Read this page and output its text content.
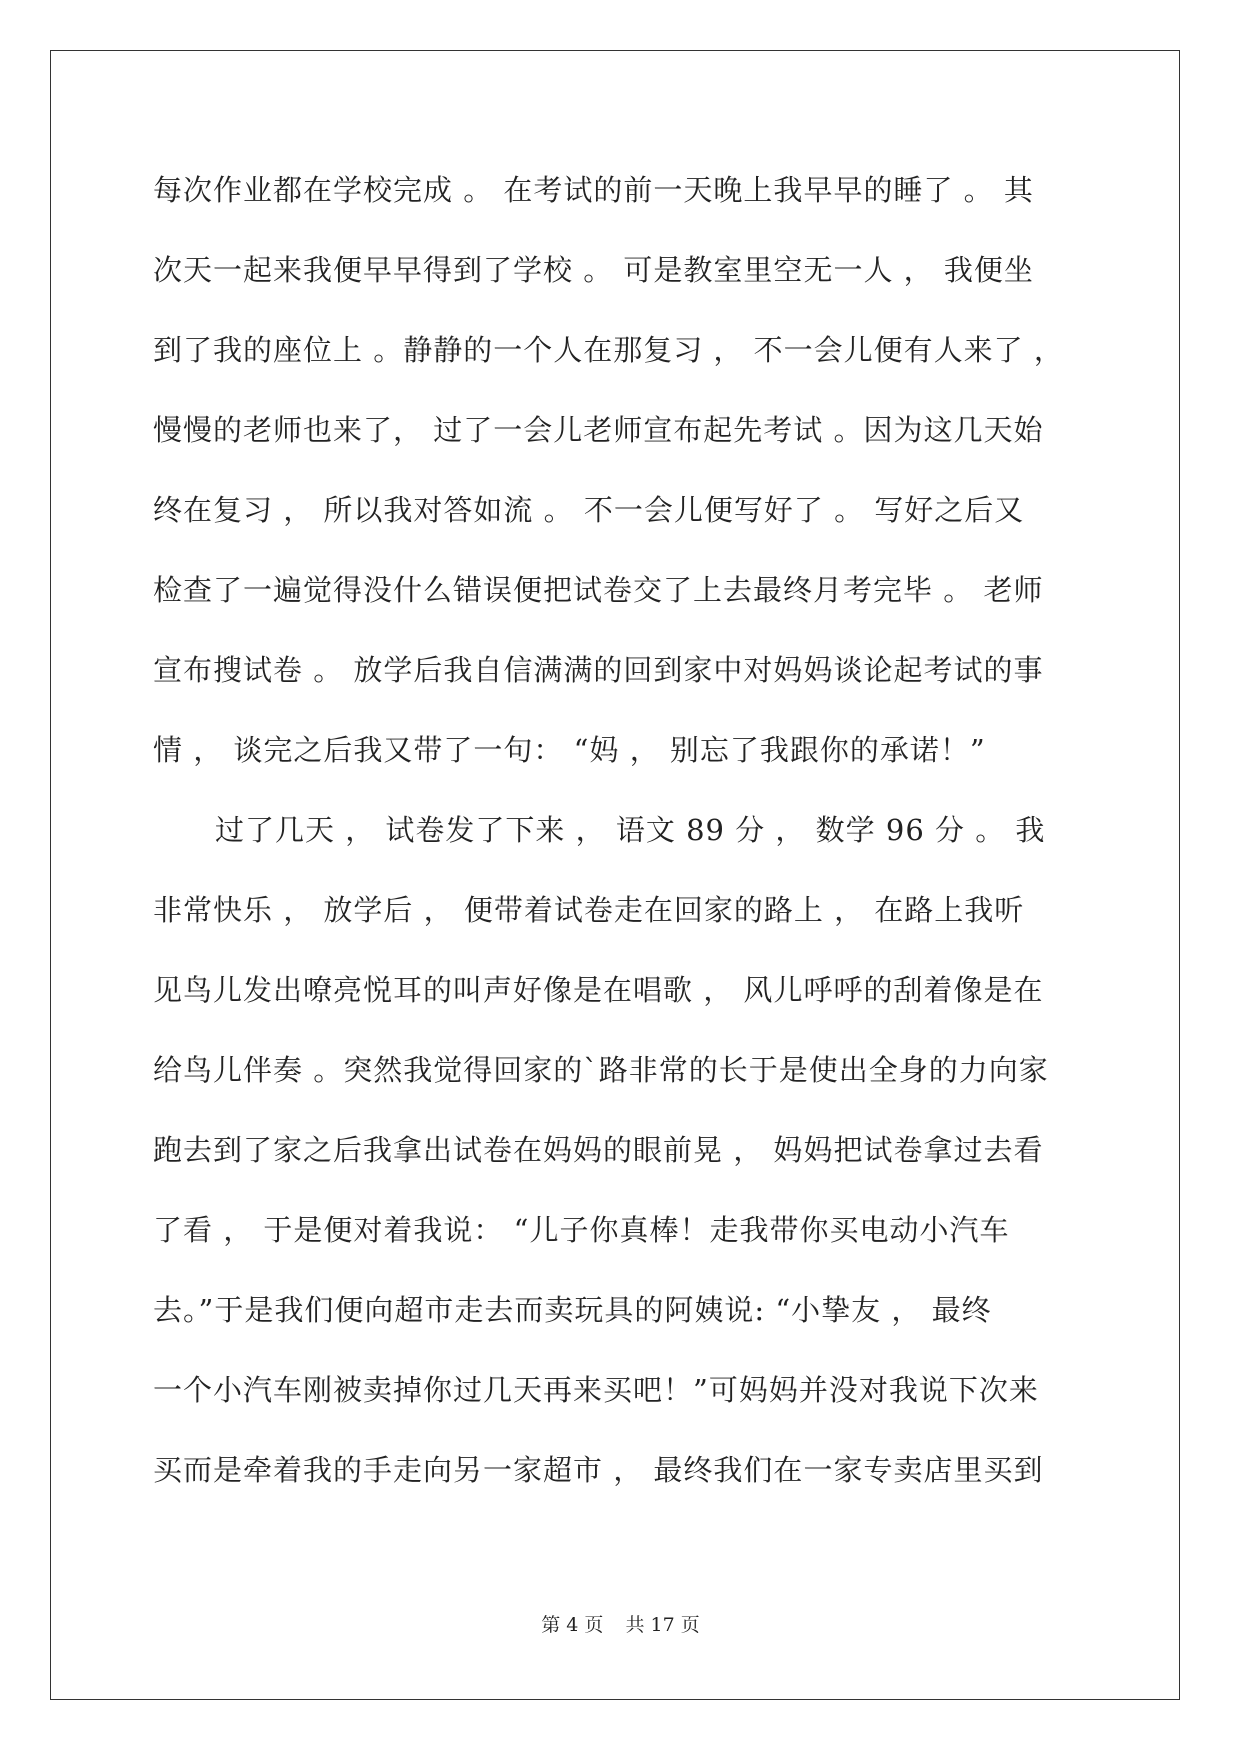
每次作业都在学校完成 。 在考试的前一天晚上我早早的睡了 。 其
次天一起来我便早早得到了学校 。 可是教室里空无一人 ， 我便坐
到了我的座位上 。静静的一个人在那复习 ， 不一会儿便有人来了 ，
慢慢的老师也来了， 过了一会儿老师宣布起先考试 。因为这几天始
终在复习 ， 所以我对答如流 。 不一会儿便写好了 。 写好之后又
检查了一遍觉得没什么错误便把试卷交了上去最终月考完毕 。 老师
宣布搜试卷 。 放学后我自信满满的回到家中对妈妈谈论起考试的事
情 ， 谈完之后我又带了一句： “妈 ， 别忘了我跟你的承诺！”
过了几天 ， 试卷发了下来 ， 语文 89 分 ， 数学 96 分 。 我
非常快乐 ， 放学后 ， 便带着试卷走在回家的路上 ， 在路上我听
见鸟儿发出嘹亮悦耳的叫声好像是在唱歌 ， 风儿呼呼的刮着像是在
给鸟儿伴奏 。突然我觉得回家的`路非常的长于是使出全身的力向家
跑去到了家之后我拿出试卷在妈妈的眼前晃 ， 妈妈把试卷拿过去看
了看 ， 于是便对着我说： “儿子你真棒！走我带你买电动小汽车
去。”于是我们便向超市走去而卖玩具的阿姨说: “小挚友 ， 最终
一个小汽车刚被卖掉你过几天再来买吧！”可妈妈并没对我说下次来
买而是牵着我的手走向另一家超市 ， 最终我们在一家专卖店里买到
第 4 页 共 17 页
